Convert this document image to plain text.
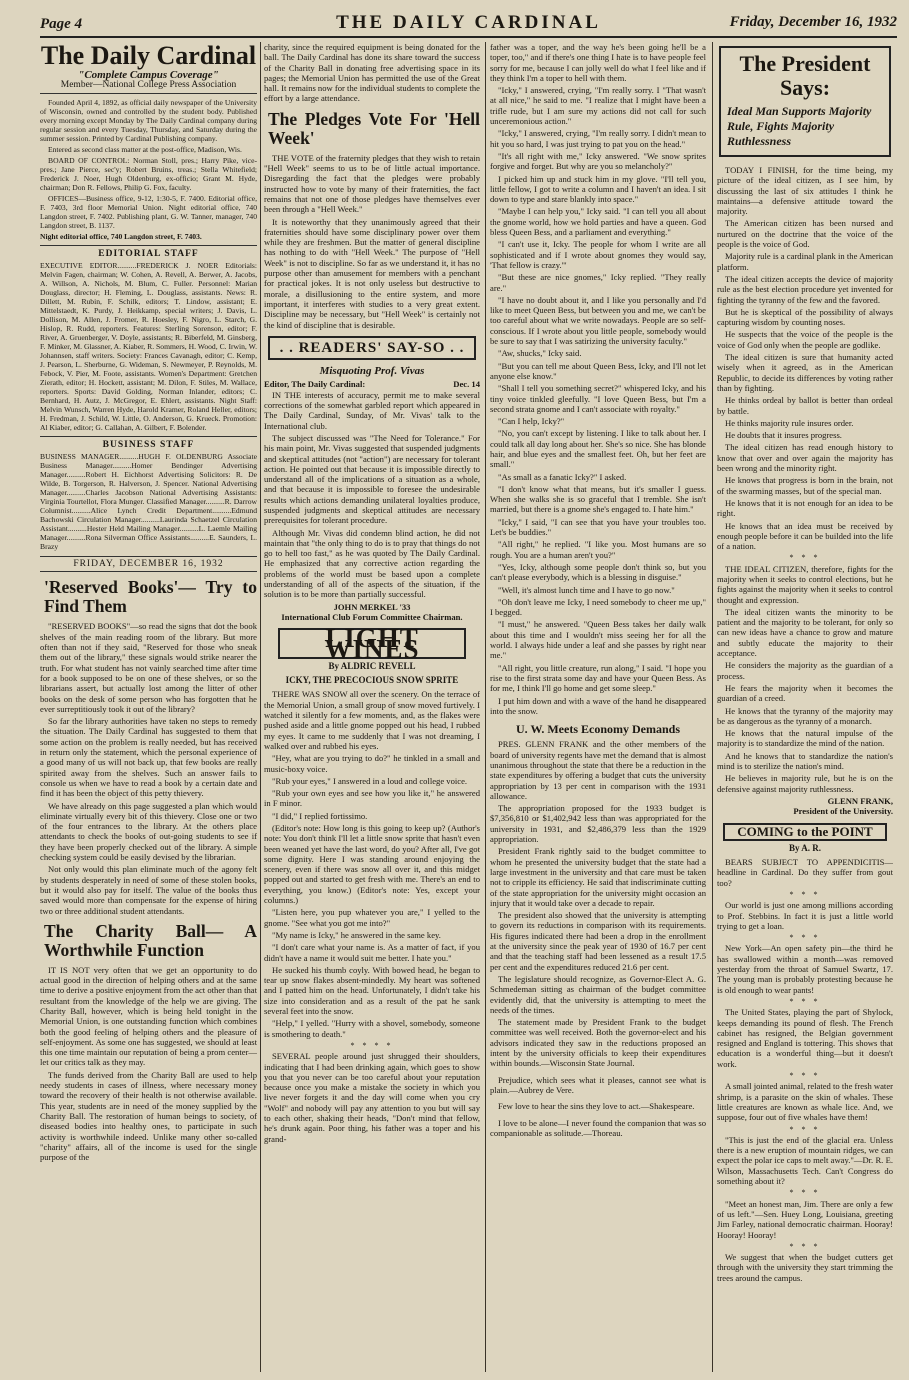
Page 4	THE DAILY CARDINAL	Friday, December 16, 1932
The Daily Cardinal
"Complete Campus Coverage"
Member—National College Press Association

Founded April 4, 1892, as official daily newspaper of the University of Wisconsin, owned and controlled by the student body. Published every morning except Monday by The Daily Cardinal company during regular session and every Tuesday, Thursday, and Saturday during the summer session. Printed by Cardinal Publishing company.

Entered as second class matter at the post-office, Madison, Wis.

BOARD OF CONTROL: Norman Stoll, pres.; Harry Pike, vice-pres.; Jane Pierce, sec'y; Robert Bruins, treas.; Stella Whitefield; Frederick J. Noer, Hugh Oldenburg, ex-officio; Grant M. Hyde, chairman; Don R. Fellows, Philip G. Fox, faculty.

OFFICES—Business office, 9-12, 1:30-5, F. 7400. Editorial office, F. 7403, 3rd floor Memorial Union. Night editorial office, 740 Langdon street, F. 7402. Publishing plant, G. W. Tanner, manager, 740 Langdon street, B. 1137.

Night editorial office, 740 Langdon street, F. 7403.

EDITORIAL STAFF

EXECUTIVE EDITOR..........FREDERICK J. NOER Editorials: Melvin Fagen, chairman; W. Cohen, A. Revell, A. Berwer, A. Jacobs, A. Willson, A. Nichols, M. Blum, C. Fuller. Personnel: Marian Douglass, director; H. Fleming, L. Douglass, assistants. News: R. Dillett, M. Rubin, F. Schilk, editors; T. Lindow, assistant; E. Mittelstaedt, K. Purdy, J. Heikkamp, special writers; J. Davis, L. Dollison, M. Allen, J. Fromer, R. Hoesley, F. Nigro, L. Starch, G. Hislop, R. Rudd, reporters. Features: Sterling Sorenson, editor; F. River, A. Gruenberger, V. Doyle, assistants; R. Biberfeld, M. Ginsberg, F. Minker, M. Glassner, A. Kiaber, R. Sommers, H. Wood, C. Irwin, W. Johannsen, staff writers. Society: Frances Cavanagh, editor; C. Kemp, J. Pearson, L. Sherburne, G. Wideman, S. Newmeyer, P. Reynolds, M. Febock, V. Pier, M. Foote, assistants. Women's Department: Gretchen Zierath, editor; H. Hockett, assistant; M. Dilon, F. Stiles, M. Wallace, reporters. Sports: David Golding, Norman Inlander, editors; C. Bernhard, H. Autz, J. McGregor, E. Ehlert, assistants. Night Staff: Melvin Wunsch, Warren Hyde, Harold Kramer, Roland Heller, editors; H. Fredman, J. Schild, W. Little, O. Anderson, G. Krueck. Promotion: Al Kiaber, editor; G. Callahan, A. Gilbert, F. Bolender.

BUSINESS STAFF

BUSINESS MANAGER..........HUGH F. OLDENBURG Associate Business Manager..........Homer Bendinger Advertising Manager..........Robert H. Eichhorst Advertising Solicitors: R. De Wilde, B. Torgerson, R. Halverson, J. Spencer. National Advertising Manager..........Charles Jacobson National Advertising Assistants: Virginia Tourtellot, Flora Munger. Classified Manager..........R. Darrow Columnist..........Alice Lynch Credit Department..........Edmund Bachowski Circulation Manager..........Laurinda Schaetzel Circulation Assistant..........Hester Held Mailing Manager..........L. Laemle Mailing Manager..........Rona Silverman Office Assistants..........E. Saunders, L. Brazy

FRIDAY, DECEMBER 16, 1932
'Reserved Books'— Try to Find Them

"RESERVED BOOKS"—so read the signs that dot the book shelves of the main reading room of the library. But more often than not if they said, "Reserved for those who sneak them out of the library," these signals would strike nearer the truth. For what student has not vainly searched time after time for a book supposed to be on one of these shelves, or so the librarians assert, but actually lost among the litter of other books on the desk of some person who has forgotten that he ever surreptitiously took it out of the library?

So far the library authorities have taken no steps to remedy the situation. The Daily Cardinal has suggested to them that some action on the problem is really needed, but has received in return only the statement, which the personal experience of a good many of us will not back up, that few books are really spirited away from the shelves. Such an answer fails to console us when we have to read a book by a certain date and find it has been the object of this petty thievery.

We have already on this page suggested a plan which would eliminate virtually every bit of this thievery. Close one or two of the four entrances to the library. At the others place attendants to check the books of out-going students to see if they have been properly checked out of the library. A simple checking system could be easily devised by the librarian.

Not only would this plan eliminate much of the agony felt by students desperately in need of some of these stolen books, but it would also pay for itself. The value of the books thus saved would more than compensate for the expense of hiring two or three additional student attendants.

The Charity Ball— A Worthwhile Function

IT IS NOT very often that we get an opportunity to do actual good in the direction of helping others and at the same time to derive a positive enjoyment from the act other than that resultant from the knowledge of the help we are giving. The Charity Ball, however, which is being held tonight in the Memorial Union, is one outstanding function which combines both the good feeling of helping others and the pleasure of self-enjoyment. As some one has suggested, we should at least this one time maintain our reputation of being a prom center—let our critics talk as they may.

The funds derived from the Charity Ball are used to help needy students in cases of illness, where necessary money toward the recovery of their health is not otherwise available. This year, students are in need of the money supplied by the Charity Ball. The restoration of human beings to society, of diseased bodies into healthy ones, to participate in such activity is worthwhile indeed. Unlike many other so-called "charity" affairs, all of the income is used for the single purpose of the

charity, since the required equipment is being donated for the ball. The Daily Cardinal has done its share toward the success of the Charity Ball in donating free advertising space in its pages; the Memorial Union has permitted the use of the Great hall. It remains now for the individual students to complete the effort by a large attendance.

The Pledges Vote For 'Hell Week'

THE VOTE of the fraternity pledges that they wish to retain "Hell Week" seems to us to be of little actual importance. Disregarding the fact that the pledges were probably instructed how to vote by many of their fraternities, the fact remains that not one of those pledges have themselves ever been through a "Hell Week."

It is noteworthy that they unanimously agreed that their fraternities should have some disciplinary power over them while they are freshmen. But the matter of general discipline has nothing to do with "Hell Week." The purpose of "Hell Week" is not to discipline. So far as we understand it, it has no purpose other than amusement for members with a penchant for practical jokes. It is not only useless but destructive to morale, a disillusioning to the entire system, and more important, it interferes with studies to a very great extent. Discipline may be necessary, but "Hell Week" is certainly not the kind of discipline that is desirable.

. . READERS' SAY-SO . .
Misquoting Prof. Vivas
Editor, The Daily Cardinal:	Dec. 14

IN THE interests of accuracy, permit me to make several corrections of the somewhat garbled report which appeared in The Daily Cardinal, Sunday, of Mr. Vivas' talk to the International club.

The subject discussed was "The Need for Tolerance." For his main point, Mr. Vivas suggested that suspended judgments and skeptical attitudes (not "action") are necessary for tolerant action. He pointed out that because it is impossible directly to understand all of the implications of a situation as a whole, and that because it is impossible to foresee the undesirable results which actions demanding unilateral loyalties produce, suspended judgments and skeptical attitudes are necessary prerequisites for tolerant procedure.

Although Mr. Vivas did condemn blind action, he did not maintain that "the only thing to do is to pray that things do not go to hell too fast," as he was quoted by The Daily Cardinal. He emphasized that any corrective action regarding the problems of the world must be based upon a complete understanding of all of the aspects of the situation, if the solution is to be more than partially successful.

JOHN MERKEL '33
International Club Forum Committee Chairman.
LIGHT WINES
By ALDRIC REVELL
ICKY, THE PRECOCIOUS SNOW SPRITE

THERE WAS SNOW all over the scenery. On the terrace of the Memorial Union, a small group of snow moved furtively. I watched it silently for a few moments, and, as the flakes were pushed aside and a little gnome popped out his head, I rubbed my eyes. It came to me suddenly that I was not dreaming, I walked over and rubbed his eyes.

"Hey, what are you trying to do?" he tinkled in a small and music-boxy voice.

"Rub your eyes," I answered in a loud and college voice.

"Rub your own eyes and see how you like it," he answered in F minor.

"I did," I replied fortissimo.

(Editor's note: How long is this going to keep up? (Author's note: You don't think I'll let a little snow sprite that hasn't even been weaned yet have the last word, do you? After all, I've got some dignity. Here I was standing around enjoying the scenery, even if there was snow all over it, and this midget popped out and started to get fresh with me. There's an end to everything, you know.) (Editor's note: Yes, except your columns.)

"Listen here, you pup whatever you are," I yelled to the gnome. "See what you got me into?"

"My name is Icky," he answered in the same key.

"I don't care what your name is. As a matter of fact, if you didn't have a name it would suit me better. I hate you."

He sucked his thumb coyly. With bowed head, he began to tear up snow flakes absent-mindedly. My heart was softened and I patted him on the head. Unfortunately, I didn't take his size into consideration and as a result of the pat he sank several feet into the snow.

"Help," I yelled. "Hurry with a shovel, somebody, someone is smothering to death."

* * * *

SEVERAL people around just shrugged their shoulders, indicating that I had been drinking again, which goes to show you that you never can be too careful about your reputation because once you make a mistake the society in which you live never forgets it and the day will come when you cry "Wolf" and nobody will pay any attention to you but will say to each other, shaking their heads, "Don't mind that fellow, he's drunk again. Poor thing, his father was a toper and his grand-

father was a toper, and the way he's been going he'll be a toper, too," and if there's one thing I hate is to have people feel sorry for me, because I can jolly well do what I feel like and if they think I'm a toper to hell with them.

"Icky," I answered, crying, "I'm really sorry. I "That wasn't at all nice," he said to me. "I realize that I might have been a trifle rude, but I am sure my actions did not call for such unceremonious action."

"Icky," I answered, crying, "I'm really sorry. I didn't mean to hit you so hard, I was just trying to pat you on the head."

"It's all right with me," Icky answered. "We snow sprites forgive and forget. But why are you so melancholy?"

I picked him up and stuck him in my glove. "I'll tell you, little fellow, I got to write a column and I haven't an idea. I sit down to type and stare blankly into space."

"Maybe I can help you," Icky said. "I can tell you all about the gnome world, how we hold parties and have a queen. God bless Queen Bess, and a parliament and everything."

"I can't use it, Icky. The people for whom I write are all sophisticated and if I wrote about gnomes they would say, 'That fellow is crazy.'"

"But these are nice gnomes," Icky replied. "They really are."

"I have no doubt about it, and I like you personally and I'd like to meet Queen Bess, but between you and me, we can't be too careful about what we write nowadays. People are so self-conscious. If I wrote about you little people, somebody would be sure to say that I was satirizing the university faculty."

"Aw, shucks," Icky said.

"But you can tell me about Queen Bess, Icky, and I'll not let anyone else know."

"Shall I tell you something secret?" whispered Icky, and his tiny voice tinkled gleefully. "I love Queen Bess, but I'm a second strata gnome and I can't associate with royalty."

"Can I help, Icky?"

"No, you can't except by listening. I like to talk about her. I could talk all day long about her. She's so nice. She has blonde hair, and blue eyes and the smallest feet. Oh, but her feet are small."

"As small as a fanatic Icky?" I asked.

"I don't know what that means, but it's smaller I guess. When she walks she is so graceful that I tremble. She isn't married, but there is a gnome she's engaged to. I hate him."

"Icky," I said, "I can see that you have your troubles too. Let's be buddies."

"All right," he replied. "I like you. Most humans are so rough. You are a human aren't you?"

"Yes, Icky, although some people don't think so, but you can't please everybody, which is a blessing in disguise."

"Well, it's almost lunch time and I have to go now."

"Oh don't leave me Icky, I need somebody to cheer me up," I begged.

"I must," he answered. "Queen Bess takes her daily walk about this time and I wouldn't miss seeing her for all the world. I always hide under a leaf and she passes by right near me."

"All right, you little creature, run along," I said. "I hope you rise to the first strata some day and have your Queen Bess. As for me, I think I'll go home and get some sleep."

I put him down and with a wave of the hand he disappeared into the snow.

U. W. Meets Economy Demands

PRES. GLENN FRANK and the other members of the board of university regents have met the demand that is almost unanimous throughout the state that there be a reduction in the state expenditures by offering a budget that cuts the university appropriation by 13 per cent in comparison with the 1931 allowance.

The appropriation proposed for the 1933 budget is $7,356,810 or $1,402,942 less than was appropriated for the university in 1931, and $2,486,379 less than the 1929 appropriation.

President Frank rightly said to the budget committee to whom he presented the university budget that the state had a large investment in the university and that care must be taken not to cripple its efficiency. He said that indiscriminate cutting of the state appropriation for the university might occasion an injury that it would take over a decade to repair.

The president also showed that the university is attempting to govern its reductions in comparison with its requirements. His figures indicated there had been a drop in the enrollment at the university since the peak year of 1930 of 16.7 per cent and that the teaching staff had been lessened as a result 17.5 per cent and the expenditures reduced 21.6 per cent.

The legislature should recognize, as Governor-Elect A. G. Schmedeman sitting as chairman of the budget committee evidently did, that the university is attempting to meet the needs of the times.

The statement made by President Frank to the budget committee was well received. Both the governor-elect and his advisors indicated they saw in the reductions proposed an intent by the university officials to keep their expenditures within bounds.—Wisconsin State Journal.

Prejudice, which sees what it pleases, cannot see what is plain.—Aubrey de Vere.

Few love to hear the sins they love to act.—Shakespeare.

I love to be alone—I never found the companion that was so companionable as solitude.—Thoreau.

The President Says:
Ideal Man Supports Majority Rule, Fights Majority Ruthlessness

TODAY I FINISH, for the time being, my picture of the ideal citizen, as I see him, by discussing the last of six attitudes I think he maintains—a defensive attitude toward the majority.

The American citizen has been nursed and nurtured on the doctrine that the voice of the people is the voice of God.

Majority rule is a cardinal plank in the American platform.

The ideal citizen accepts the device of majority rule as the best election procedure yet invented for fighting the tyranny of the few and the favored.

But he is skeptical of the possibility of always capturing wisdom by counting noses.

He suspects that the voice of the people is the voice of God only when the people are godlike.

The ideal citizen is sure that humanity acted wisely when it agreed, as in the American Republic, to decide its differences by voting rather than by fighting.

He thinks ordeal by ballot is better than ordeal by battle.

He thinks majority rule insures order.

He doubts that it insures progress.

The ideal citizen has read enough history to know that over and over again the majority has been wrong and the minority right.

He knows that progress is born in the brain, not of the swarming masses, but of the special man.

He knows that it is not enough for an idea to be right.

He knows that an idea must be received by enough people before it can be builded into the life of a nation.

* * *

THE IDEAL CITIZEN, therefore, fights for the majority when it seeks to control elections, but he fights against the majority when it seeks to control thought and expression.

The ideal citizen wants the minority to be patient and the majority to be tolerant, for only so can new ideas have a chance to grow and mature and subtly educate the majority to their acceptance.

He considers the majority as the guardian of a process.

He fears the majority when it becomes the guardian of a creed.

He knows that the tyranny of the majority may be as dangerous as the tyranny of a monarch.

He knows that the natural impulse of the majority is to standardize the mind of the nation.

And he knows that to standardize the nation's mind is to sterilize the nation's mind.

He believes in majority rule, but he is on the defensive against majority ruthlessness.

GLENN FRANK,
President of the University.
COMING to the POINT
By A. R.

BEARS SUBJECT TO APPENDICITIS—headline in Cardinal. Do they suffer from gout too?

* * *

Our world is just one among millions according to Prof. Stebbins. In fact it is just a little world trying to get a loan.

* * *

New York—An open safety pin—the third he has swallowed within a month—was removed yesterday from the throat of Samuel Swartz, 17. The young man is probably protesting because he is old enough to wear pants!

* * *

The United States, playing the part of Shylock, keeps demanding its pound of flesh. The French cabinet has resigned, the Belgian government resigned and England is tottering. This shows that education is a wonderful thing—but it doesn't work.

* * *

A small jointed animal, related to the fresh water shrimp, is a parasite on the skin of whales. These little creatures are known as whale lice. And, we suppose, four out of five whales have them!

* * *

"This is just the end of the glacial era. Unless there is a new eruption of mountain ridges, we can expect the polar ice caps to melt away."—Dr. R. E. Wilson, Massachusetts Tech. Can't Congress do something about it?

* * *

"Meet an honest man, Jim. There are only a few of us left."—Sen. Huey Long, Louisiana, greeting Jim Farley, national democratic chairman. Hooray! Hooray! Hooray!

* * *

We suggest that when the budget cutters get through with the university they start trimming the trees around the campus.
